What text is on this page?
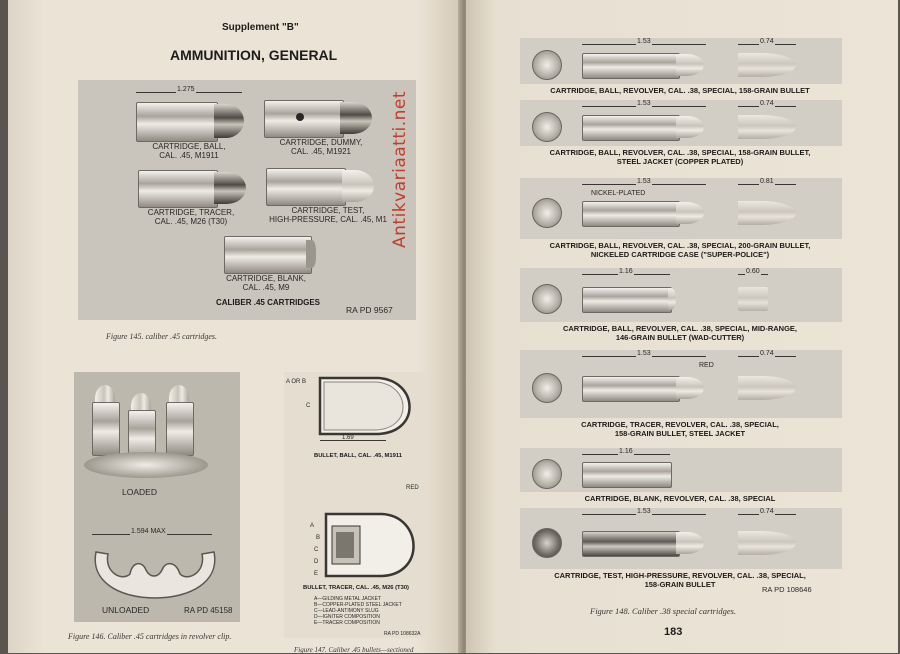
Supplement "B"
AMMUNITION, GENERAL
1.275
CARTRIDGE, BALL,
CAL. .45, M1911
CARTRIDGE, DUMMY,
CAL. .45, M1921
CARTRIDGE, TRACER,
CAL. .45, M26 (T30)
CARTRIDGE, TEST,
HIGH-PRESSURE, CAL. .45, M1
CARTRIDGE, BLANK,
CAL. .45, M9
CALIBER .45 CARTRIDGES
RA PD 9567
Figure 145. caliber .45 cartridges.
LOADED
1.594 MAX
UNLOADED	RA PD 45158
Figure 146. Caliber .45 cartridges in revolver clip.
A OR B
C
1.69
BULLET, BALL, CAL. .45, M1911
RED
A
B
C
D
E
BULLET, TRACER, CAL. .45, M26 (T30)
A—GILDING METAL JACKET
B—COPPER-PLATED STEEL JACKET
C—LEAD-ANTIMONY SLUG
D—IGNITER COMPOSITION
E—TRACER COMPOSITION
RA PD 108632A
Figure 147. Caliber .45 bullets—sectioned
1.53	0.74
CARTRIDGE, BALL, REVOLVER, CAL. .38, SPECIAL, 158-GRAIN BULLET
1.53	0.74
CARTRIDGE, BALL, REVOLVER, CAL. .38, SPECIAL, 158-GRAIN BULLET,
STEEL JACKET (COPPER PLATED)
1.53
NICKEL-PLATED
0.81
CARTRIDGE, BALL, REVOLVER, CAL. .38, SPECIAL, 200-GRAIN BULLET,
NICKELED CARTRIDGE CASE ("SUPER-POLICE")
1.16	0.60
CARTRIDGE, BALL, REVOLVER, CAL. .38, SPECIAL, MID-RANGE,
146-GRAIN BULLET (WAD-CUTTER)
1.53
RED
0.74
CARTRIDGE, TRACER, REVOLVER, CAL. .38, SPECIAL,
158-GRAIN BULLET, STEEL JACKET
1.16
CARTRIDGE, BLANK, REVOLVER, CAL. .38, SPECIAL
1.53	0.74
CARTRIDGE, TEST, HIGH-PRESSURE, REVOLVER, CAL. .38, SPECIAL,
158-GRAIN BULLET
RA PD 108646
Figure 148. Caliber .38 special cartridges.
183
Antikvariaatti.net
